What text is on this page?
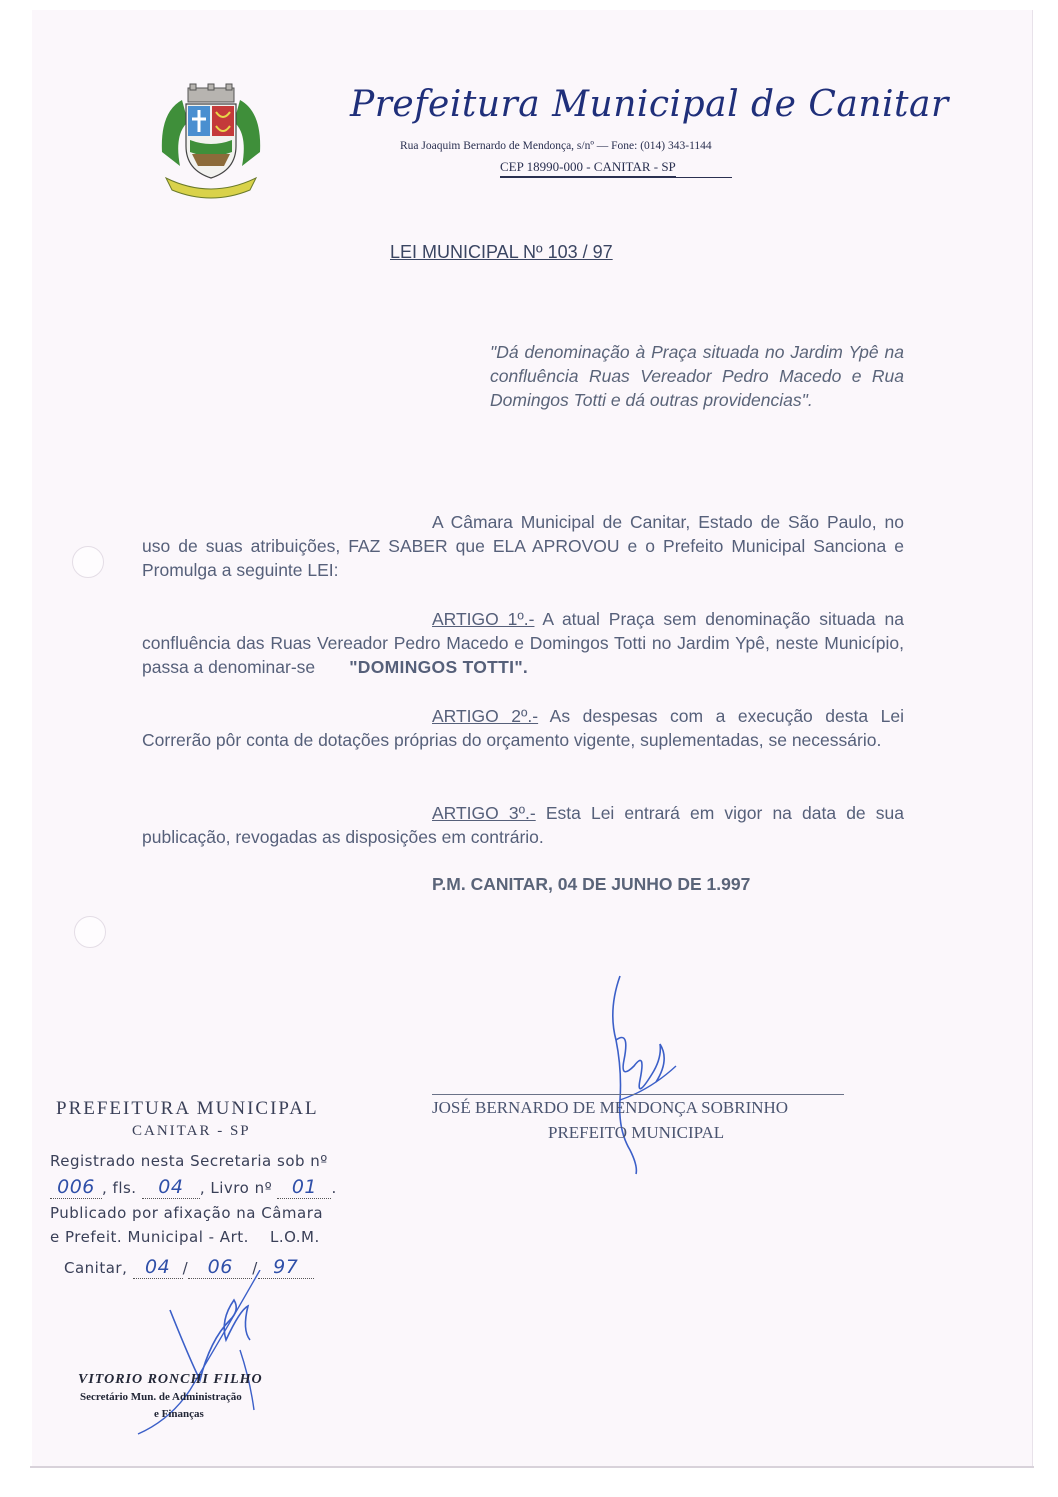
Prefeitura Municipal de Canitar
Rua Joaquim Bernardo de Mendonça, s/nº — Fone: (014) 343-1144
CEP 18990-000 - CANITAR - SP
LEI MUNICIPAL Nº 103 / 97
"Dá denominação à Praça situada no Jardim Ypê na confluência Ruas Vereador Pedro Macedo e Rua Domingos Totti e dá outras providencias".
A Câmara Municipal de Canitar, Estado de São Paulo, no uso de suas atribuições, FAZ SABER que ELA APROVOU e o Prefeito Municipal Sanciona e Promulga a seguinte LEI:
ARTIGO 1º.- A atual Praça sem denominação situada na confluência das Ruas Vereador Pedro Macedo e Domingos Totti no Jardim Ypê, neste Município, passa a denominar-se "DOMINGOS TOTTI".
ARTIGO 2º.- As despesas com a execução desta Lei Correrão pôr conta de dotações próprias do orçamento vigente, suplementadas, se necessário.
ARTIGO 3º.- Esta Lei entrará em vigor na data de sua publicação, revogadas as disposições em contrário.
P.M. CANITAR, 04 DE JUNHO DE 1.997
JOSÉ BERNARDO DE MENDONÇA SOBRINHO
PREFEITO MUNICIPAL
PREFEITURA MUNICIPAL
CANITAR - SP
Registrado nesta Secretaria sob nº
006 , fls. 04 , Livro nº 01 .
Publicado por afixação na Câmara
e Prefeit. Municipal - Art. L.O.M.
Canitar, 04 / 06 / 97
VITORIO RONCHI FILHO
Secretário Mun. de Administração
e Finanças
